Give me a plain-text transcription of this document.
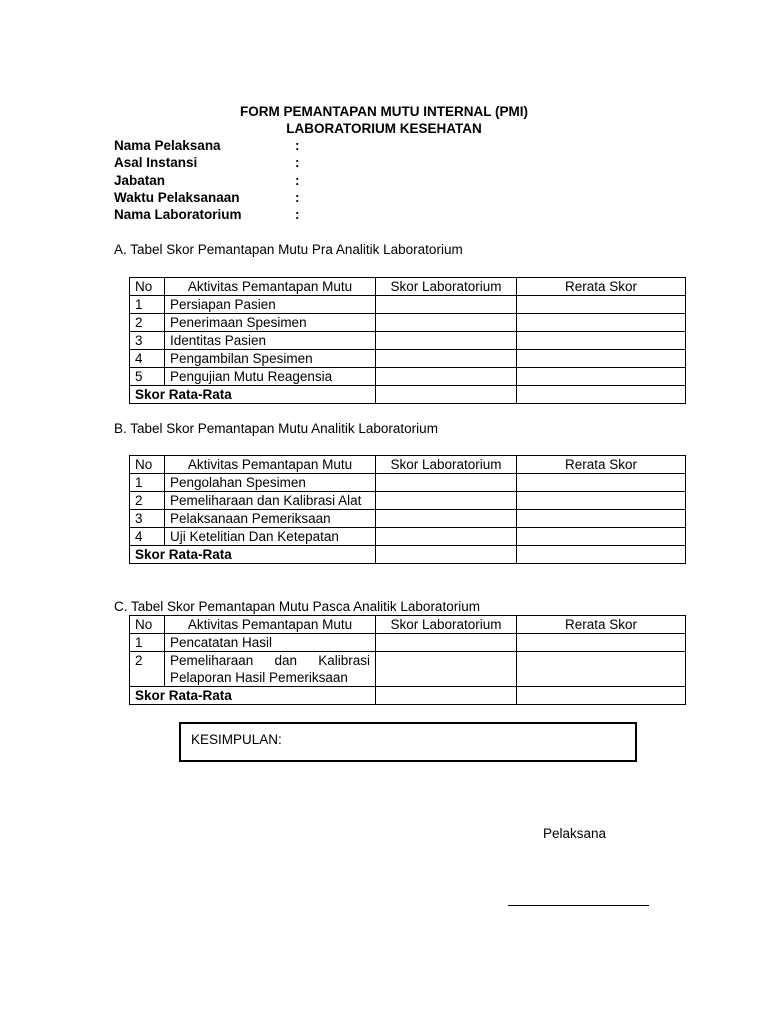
FORM PEMANTAPAN MUTU INTERNAL (PMI)
LABORATORIUM KESEHATAN
Nama Pelaksana	:
Asal Instansi	:
Jabatan	:
Waktu Pelaksanaan	:
Nama Laboratorium	:
A. Tabel Skor Pemantapan Mutu Pra Analitik Laboratorium
No	Aktivitas Pemantapan Mutu	Skor Laboratorium	Rerata Skor
1	Persiapan Pasien		
2	Penerimaan Spesimen		
3	Identitas Pasien		
4	Pengambilan Spesimen		
5	Pengujian Mutu Reagensia		
Skor Rata-Rata			
B. Tabel Skor Pemantapan Mutu Analitik Laboratorium
No	Aktivitas Pemantapan Mutu	Skor Laboratorium	Rerata Skor
1	Pengolahan Spesimen		
2	Pemeliharaan dan Kalibrasi Alat		
3	Pelaksanaan Pemeriksaan		
4	Uji Ketelitian Dan Ketepatan		
Skor Rata-Rata			
C. Tabel Skor Pemantapan Mutu Pasca Analitik Laboratorium
No	Aktivitas Pemantapan Mutu	Skor Laboratorium	Rerata Skor
1	Pencatatan Hasil		
2	Pemeliharaan dan Kalibrasi Pelaporan Hasil Pemeriksaan		
Skor Rata-Rata			
KESIMPULAN:
Pelaksana
